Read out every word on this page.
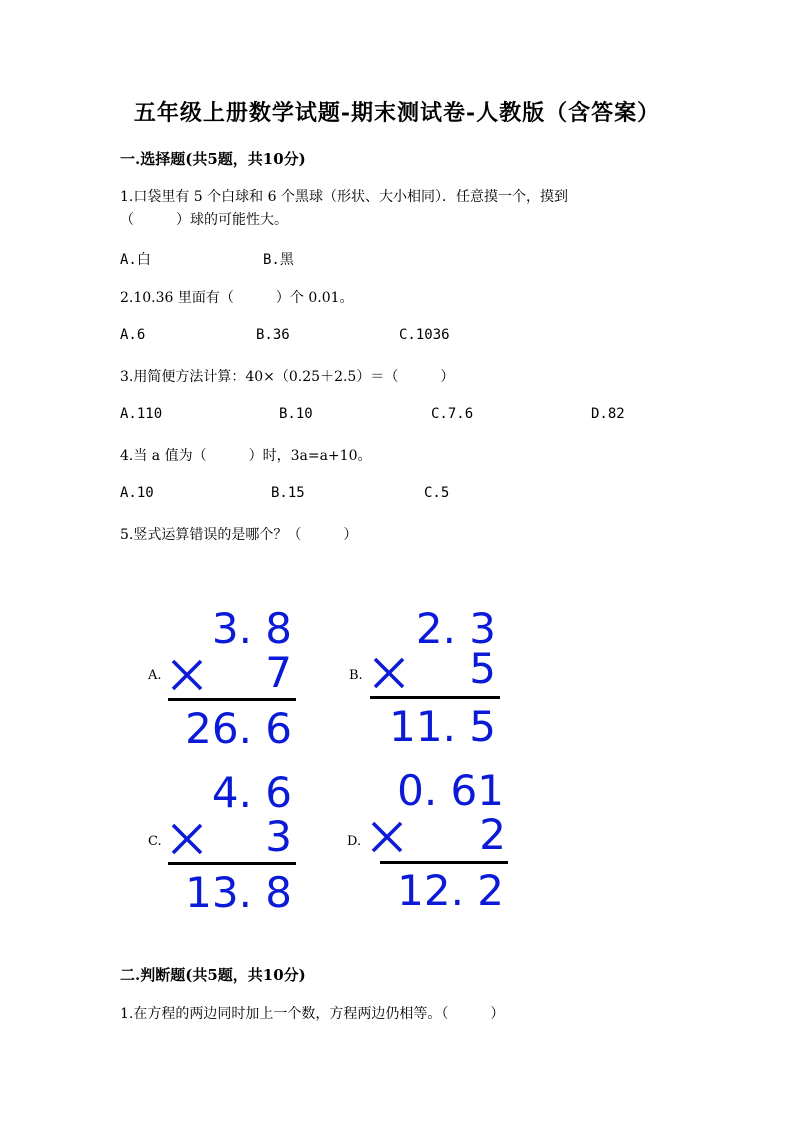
五年级上册数学试题-期末测试卷-人教版（含答案）
一.选择题(共5题，共10分)
1.口袋里有 5 个白球和 6 个黑球（形状、大小相同）．任意摸一个，摸到
（　　　）球的可能性大。
A.白	B.黑
2.10.36 里面有（　　　）个 0.01。
A.6	B.36	C.1036
3.用简便方法计算：40×（0.25＋2.5）＝（　　　）
A.110	B.10	C.7.6	D.82
4.当 a 值为（　　　）时，3a=a+10。
A.10	B.15	C.5
5.竖式运算错误的是哪个？（　　　）
A.
3. 8
7
26. 6
B.
2. 3
5
11. 5
C.
4. 6
3
13. 8
D.
0. 61
2
12. 2
二.判断题(共5题，共10分)
1.在方程的两边同时加上一个数，方程两边仍相等。（　　　）
